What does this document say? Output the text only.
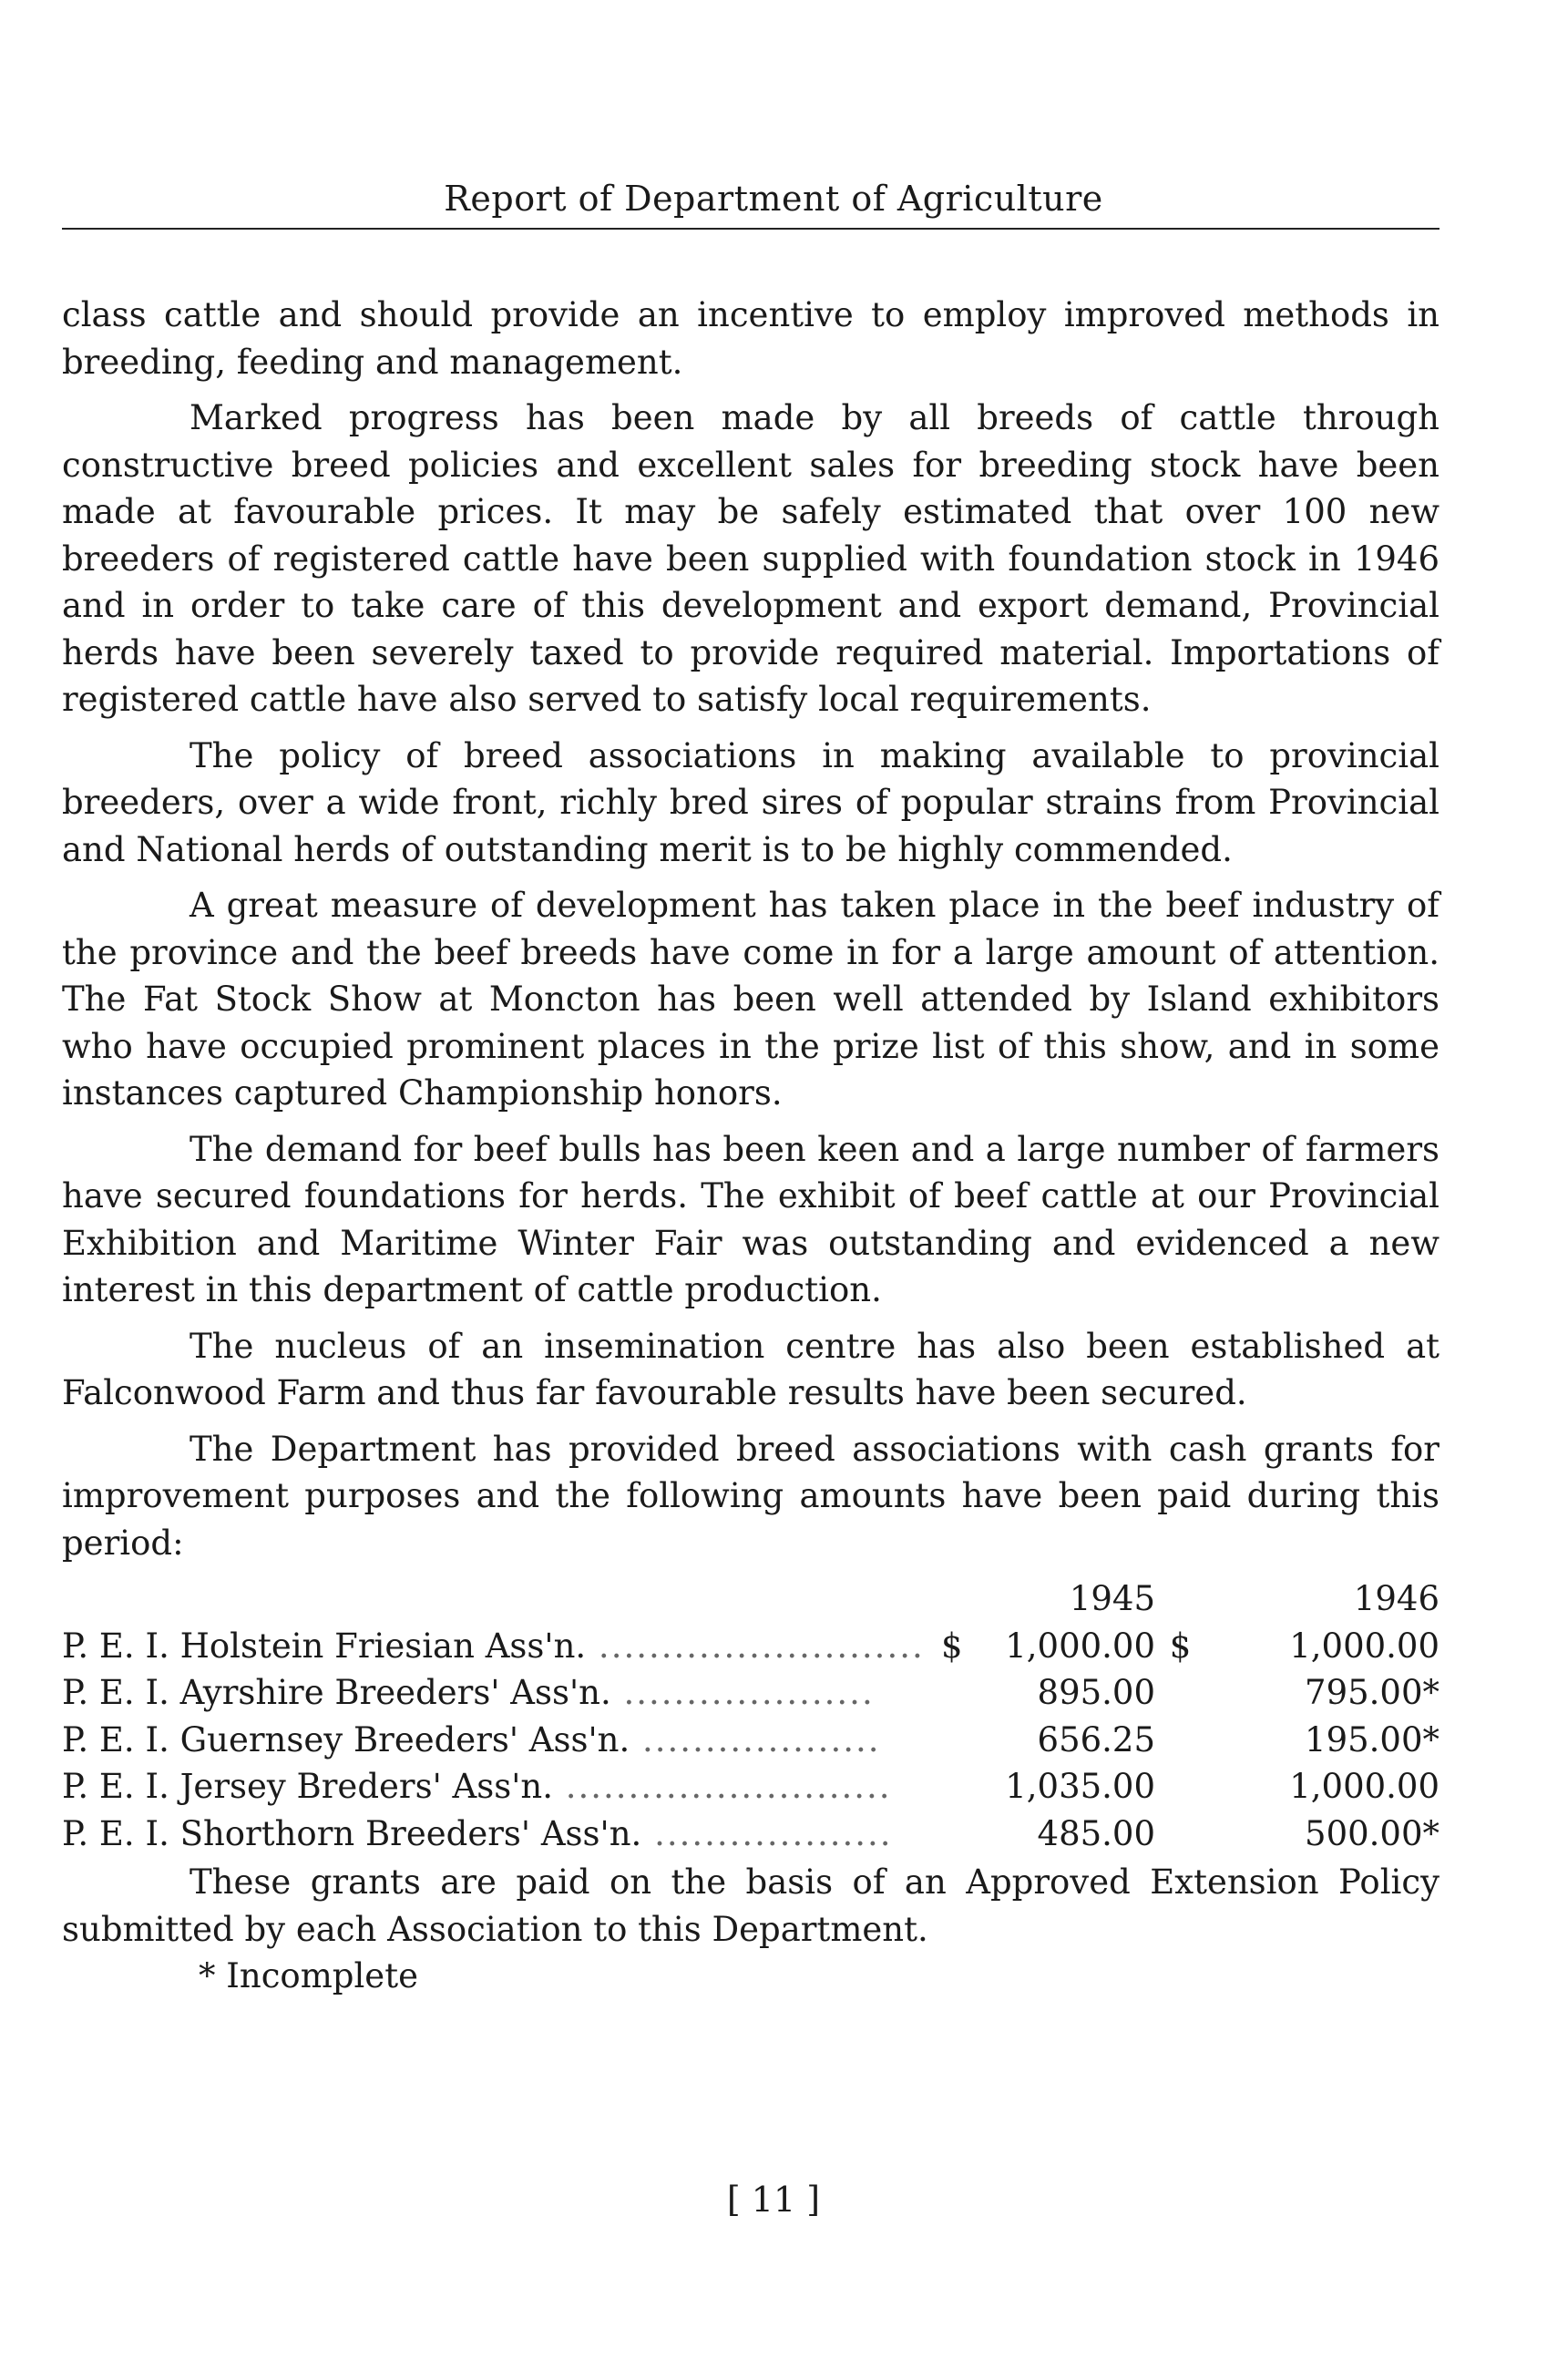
Report of Department of Agriculture

class cattle and should provide an incentive to employ improved methods in breeding, feeding and management.

Marked progress has been made by all breeds of cattle through constructive breed policies and excellent sales for breeding stock have been made at favourable prices. It may be safely estimated that over 100 new breeders of registered cattle have been supplied with foundation stock in 1946 and in order to take care of this development and export demand, Provincial herds have been severely taxed to provide required material. Importations of registered cattle have also served to satisfy local requirements.

The policy of breed associations in making available to provincial breeders, over a wide front, richly bred sires of popular strains from Provincial and National herds of outstanding merit is to be highly commended.

A great measure of development has taken place in the beef industry of the province and the beef breeds have come in for a large amount of attention. The Fat Stock Show at Moncton has been well attended by Island exhibitors who have occupied prominent places in the prize list of this show, and in some instances captured Championship honors.

The demand for beef bulls has been keen and a large number of farmers have secured foundations for herds. The exhibit of beef cattle at our Provincial Exhibition and Maritime Winter Fair was outstanding and evidenced a new interest in this department of cattle production.

The nucleus of an insemination centre has also been established at Falconwood Farm and thus far favourable results have been secured.

The Department has provided breed associations with cash grants for improvement purposes and the following amounts have been paid during this period:

		1945		1946
P. E. I. Holstein Friesian Ass'n. ..........................	$	1,000.00	$	1,000.00
P. E. I. Ayrshire Breeders' Ass'n. ....................		895.00		795.00*
P. E. I. Guernsey Breeders' Ass'n. ...................		656.25		195.00*
P. E. I. Jersey Breders' Ass'n. ..........................		1,035.00		1,000.00
P. E. I. Shorthorn Breeders' Ass'n. ...................		485.00		500.00*

These grants are paid on the basis of an Approved Extension Policy submitted by each Association to this Department.

* Incomplete

[ 11 ]
